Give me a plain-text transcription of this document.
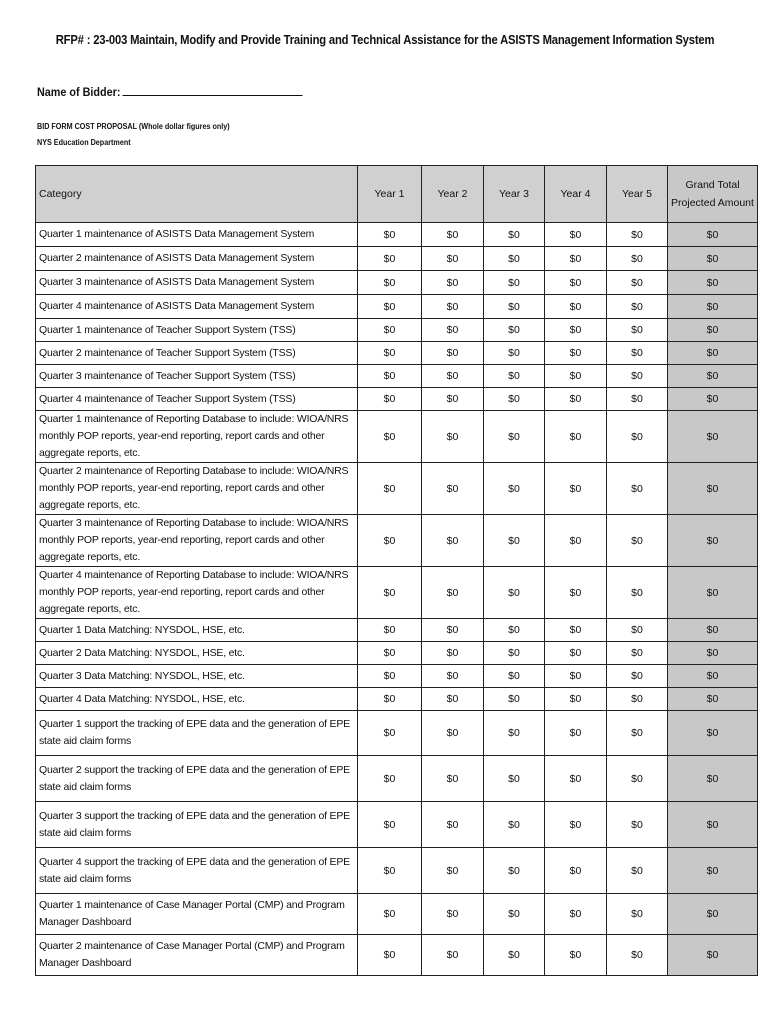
RFP# : 23-003 Maintain, Modify and Provide Training and Technical Assistance for the ASISTS Management Information System
Name of Bidder:
BID FORM COST PROPOSAL (Whole dollar figures only)
NYS Education Department
Category	Year 1	Year 2	Year 3	Year 4	Year 5	Grand Total Projected Amount
Quarter 1 maintenance of ASISTS Data Management System	$0	$0	$0	$0	$0	$0
Quarter 2 maintenance of ASISTS Data Management System	$0	$0	$0	$0	$0	$0
Quarter 3 maintenance of ASISTS Data Management System	$0	$0	$0	$0	$0	$0
Quarter 4 maintenance of ASISTS Data Management System	$0	$0	$0	$0	$0	$0
Quarter 1 maintenance of Teacher Support System (TSS)	$0	$0	$0	$0	$0	$0
Quarter 2 maintenance of Teacher Support System (TSS)	$0	$0	$0	$0	$0	$0
Quarter 3 maintenance of Teacher Support System (TSS)	$0	$0	$0	$0	$0	$0
Quarter 4 maintenance of Teacher Support System (TSS)	$0	$0	$0	$0	$0	$0
Quarter 1 maintenance of Reporting Database to include: WIOA/NRS monthly POP reports, year-end reporting, report cards and other aggregate reports, etc.	$0	$0	$0	$0	$0	$0
Quarter 2 maintenance of Reporting Database to include: WIOA/NRS monthly POP reports, year-end reporting, report cards and other aggregate reports, etc.	$0	$0	$0	$0	$0	$0
Quarter 3 maintenance of Reporting Database to include: WIOA/NRS monthly POP reports, year-end reporting, report cards and other aggregate reports, etc.	$0	$0	$0	$0	$0	$0
Quarter 4 maintenance of Reporting Database to include: WIOA/NRS monthly POP reports, year-end reporting, report cards and other aggregate reports, etc.	$0	$0	$0	$0	$0	$0
Quarter 1 Data Matching: NYSDOL, HSE, etc.	$0	$0	$0	$0	$0	$0
Quarter 2 Data Matching: NYSDOL, HSE, etc.	$0	$0	$0	$0	$0	$0
Quarter 3 Data Matching: NYSDOL, HSE, etc.	$0	$0	$0	$0	$0	$0
Quarter 4 Data Matching: NYSDOL, HSE, etc.	$0	$0	$0	$0	$0	$0
Quarter 1 support the tracking of EPE data and the generation of EPE state aid claim forms	$0	$0	$0	$0	$0	$0
Quarter 2 support the tracking of EPE data and the generation of EPE state aid claim forms	$0	$0	$0	$0	$0	$0
Quarter 3 support the tracking of EPE data and the generation of EPE state aid claim forms	$0	$0	$0	$0	$0	$0
Quarter 4 support the tracking of EPE data and the generation of EPE state aid claim forms	$0	$0	$0	$0	$0	$0
Quarter 1 maintenance of Case Manager Portal (CMP) and Program Manager Dashboard	$0	$0	$0	$0	$0	$0
Quarter 2 maintenance of Case Manager Portal (CMP) and Program Manager Dashboard	$0	$0	$0	$0	$0	$0
